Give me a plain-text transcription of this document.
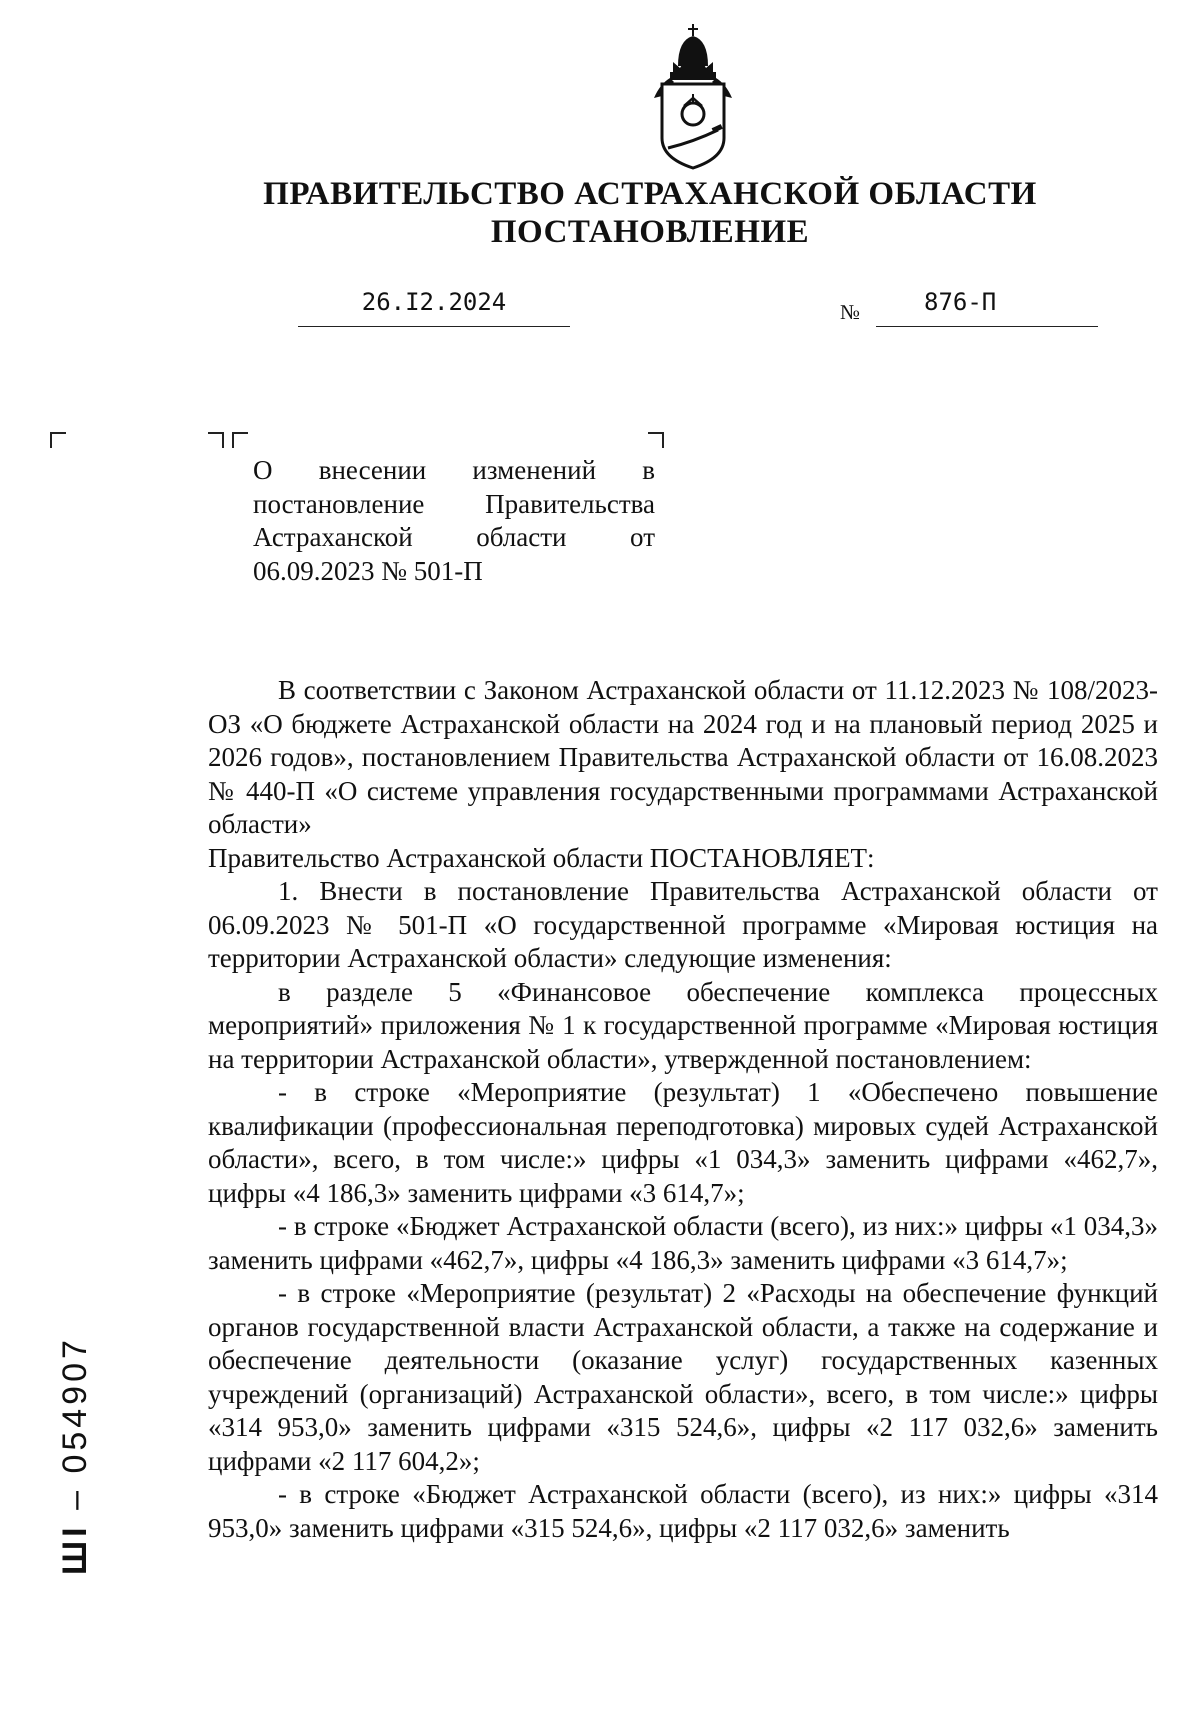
ПРАВИТЕЛЬСТВО АСТРАХАНСКОЙ ОБЛАСТИ
ПОСТАНОВЛЕНИЕ
26.I2.2024	№	876-П
О внесении изменений в постановление Правительства Астраханской области от 06.09.2023 № 501-П

В соответствии с Законом Астраханской области от 11.12.2023 № 108/2023-ОЗ «О бюджете Астраханской области на 2024 год и на плановый период 2025 и 2026 годов», постановлением Правительства Астраханской области от 16.08.2023 № 440-П «О системе управления государственными программами Астраханской области»

Правительство Астраханской области ПОСТАНОВЛЯЕТ:

1. Внести в постановление Правительства Астраханской области от 06.09.2023 № 501-П «О государственной программе «Мировая юстиция на территории Астраханской области» следующие изменения:

в разделе 5 «Финансовое обеспечение комплекса процессных мероприятий» приложения № 1 к государственной программе «Мировая юстиция на территории Астраханской области», утвержденной постановлением:

- в строке «Мероприятие (результат) 1 «Обеспечено повышение квалификации (профессиональная переподготовка) мировых судей Астраханской области», всего, в том числе:» цифры «1 034,3» заменить цифрами «462,7», цифры «4 186,3» заменить цифрами «3 614,7»;

- в строке «Бюджет Астраханской области (всего), из них:» цифры «1 034,3» заменить цифрами «462,7», цифры «4 186,3» заменить цифрами «3 614,7»;

- в строке «Мероприятие (результат) 2 «Расходы на обеспечение функций органов государственной власти Астраханской области, а также на содержание и обеспечение деятельности (оказание услуг) государственных казенных учреждений (организаций) Астраханской области», всего, в том числе:» цифры «314 953,0» заменить цифрами «315 524,6», цифры «2 117 032,6» заменить цифрами «2 117 604,2»;

- в строке «Бюджет Астраханской области (всего), из них:» цифры «314 953,0» заменить цифрами «315 524,6», цифры «2 117 032,6» заменить

ШІ – 054907
